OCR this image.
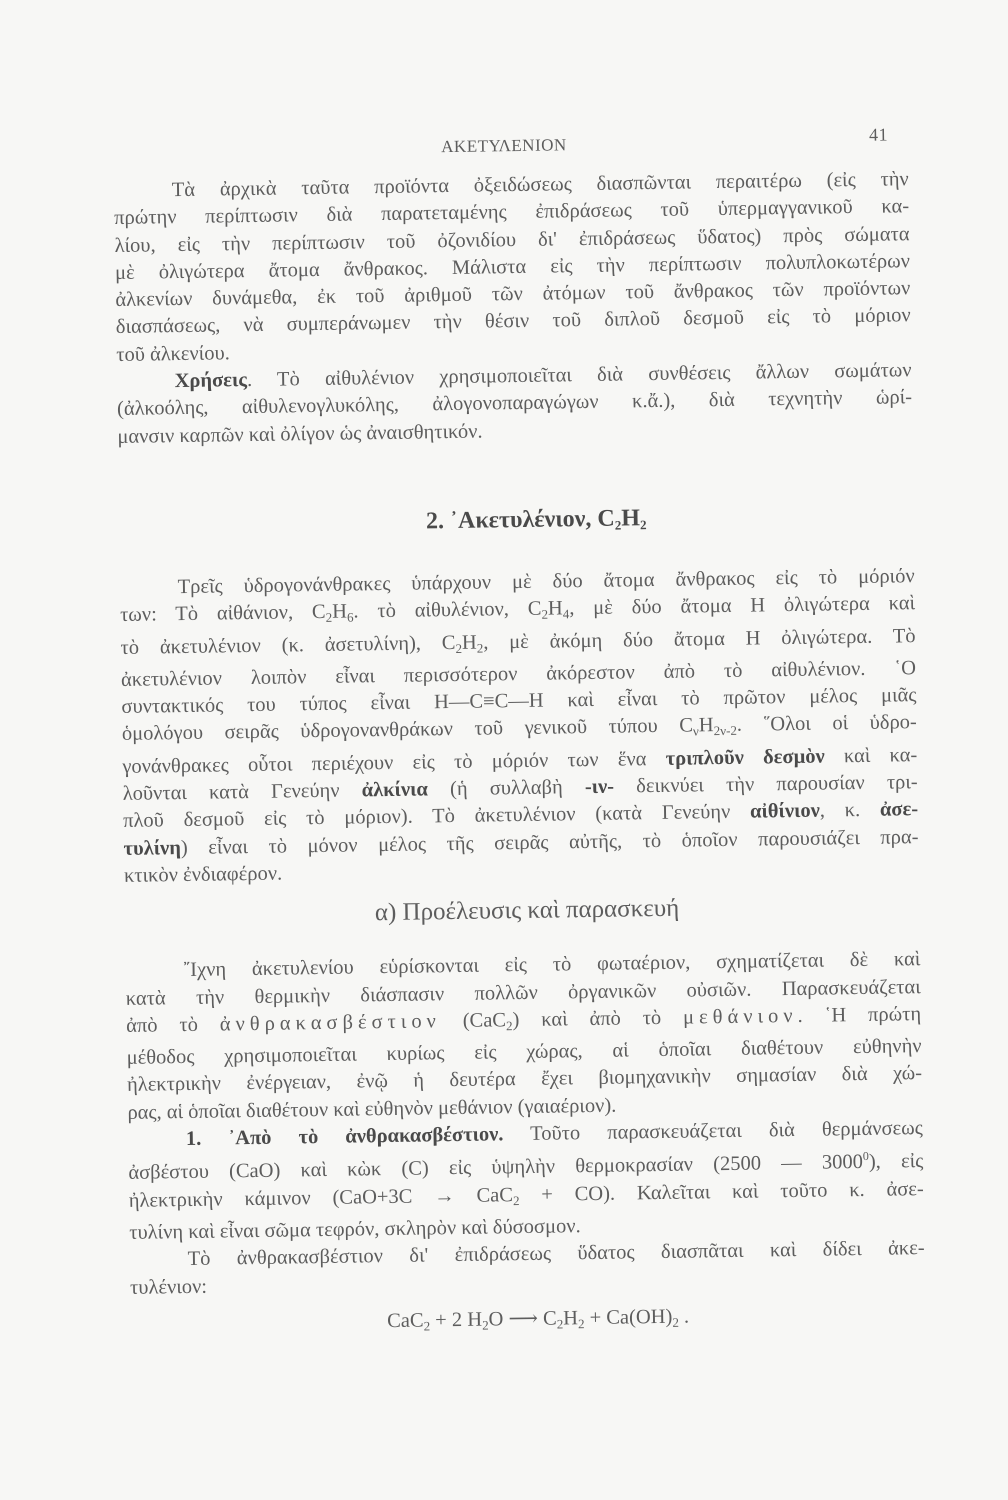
ΑΚΕΤΥΛΕΝΙΟΝ
41
Τὰ ἀρχικὰ ταῦτα προϊόντα ὀξειδώσεως διασπῶνται περαιτέρω (εἰς τὴν
πρώτην περίπτωσιν διὰ παρατεταμένης ἐπιδράσεως τοῦ ὑπερμαγγανικοῦ κα-
λίου, εἰς τὴν περίπτωσιν τοῦ ὀζονιδίου δι' ἐπιδράσεως ὕδατος) πρὸς σώματα
μὲ ὀλιγώτερα ἄτομα ἄνθρακος. Μάλιστα εἰς τὴν περίπτωσιν πολυπλοκωτέρων
ἀλκενίων δυνάμεθα, ἐκ τοῦ ἀριθμοῦ τῶν ἀτόμων τοῦ ἄνθρακος τῶν προϊόντων
διασπάσεως, νὰ συμπεράνωμεν τὴν θέσιν τοῦ διπλοῦ δεσμοῦ εἰς τὸ μόριον
τοῦ ἀλκενίου.
Χρήσεις. Τὸ αἰθυλένιον χρησιμοποιεῖται διὰ συνθέσεις ἄλλων σωμάτων
(ἀλκοόλης, αἰθυλενογλυκόλης, ἀλογονοπαραγώγων κ.ἄ.), διὰ τεχνητὴν ὡρί-
μανσιν καρπῶν καὶ ὀλίγον ὡς ἀναισθητικόν.
2. ᾿Ακετυλένιον, $C_2H_2$
Τρεῖς ὑδρογονάνθρακες ὑπάρχουν μὲ δύο ἄτομα ἄνθρακος εἰς τὸ μόριόν
των: Τὸ αἰθάνιον, $C_2H_6$. τὸ αἰθυλένιον, $C_2H_4$, μὲ δύο ἄτομα Η ὀλιγώτερα καὶ
τὸ ἀκετυλένιον (κ. ἀσετυλίνη), $C_2H_2$, μὲ ἀκόμη δύο ἄτομα Η ὀλιγώτερα. Τὸ
ἀκετυλένιον λοιπὸν εἶναι περισσότερον ἀκόρεστον ἀπὸ τὸ αἰθυλένιον. ῾Ο
συντακτικός του τύπος εἶναι H—C≡C—H καὶ εἶναι τὸ πρῶτον μέλος μιᾶς
ὁμολόγου σειρᾶς ὑδρογονανθράκων τοῦ γενικοῦ τύπου $C_\nu H_{2\nu-2}$. ῞Ολοι οἱ ὑδρο-
γονάνθρακες οὗτοι περιέχουν εἰς τὸ μόριόν των ἕνα τριπλοῦν δεσμὸν καὶ κα-
λοῦνται κατὰ Γενεύην ἀλκίνια (ἡ συλλαβὴ -ιν- δεικνύει τὴν παρουσίαν τρι-
πλοῦ δεσμοῦ εἰς τὸ μόριον). Τὸ ἀκετυλένιον (κατὰ Γενεύην αἰθίνιον, κ. ἀσε-
τυλίνη) εἶναι τὸ μόνον μέλος τῆς σειρᾶς αὐτῆς, τὸ ὁποῖον παρουσιάζει πρα-
κτικὸν ἐνδιαφέρον.
α) Προέλευσις καὶ παρασκευή
῎Ιχνη ἀκετυλενίου εὑρίσκονται εἰς τὸ φωταέριον, σχηματίζεται δὲ καὶ
κατὰ τὴν θερμικὴν διάσπασιν πολλῶν ὀργανικῶν οὐσιῶν. Παρασκευάζεται
ἀπὸ τὸ ἀνθρακασβέστιον (CaC$_2$) καὶ ἀπὸ τὸ μεθάνιον. ῾Η πρώτη
μέθοδος χρησιμοποιεῖται κυρίως εἰς χώρας, αἱ ὁποῖαι διαθέτουν εὐθηνὴν
ἠλεκτρικὴν ἐνέργειαν, ἐνῷ ἡ δευτέρα ἔχει βιομηχανικὴν σημασίαν διὰ χώ-
ρας, αἱ ὁποῖαι διαθέτουν καὶ εὐθηνὸν μεθάνιον (γαιαέριον).
1. ᾿Απὸ τὸ ἀνθρακασβέστιον. Τοῦτο παρασκευάζεται διὰ θερμάνσεως
ἀσβέστου (CaO) καὶ κὼκ (C) εἰς ὑψηλὴν θερμοκρασίαν (2500 — 3000$^0$), εἰς
ἠλεκτρικὴν κάμινον (CaO+3C → CaC$_2$ + CO). Καλεῖται καὶ τοῦτο κ. ἀσε-
τυλίνη καὶ εἶναι σῶμα τεφρόν, σκληρὸν καὶ δύσοσμον.
Τὸ ἀνθρακασβέστιον δι' ἐπιδράσεως ὕδατος διασπᾶται καὶ δίδει ἀκε-
τυλένιον:
CaC$_2$ + 2 $H_2O$ ⟶ $C_2H_2 + Ca(OH)_2$ .
